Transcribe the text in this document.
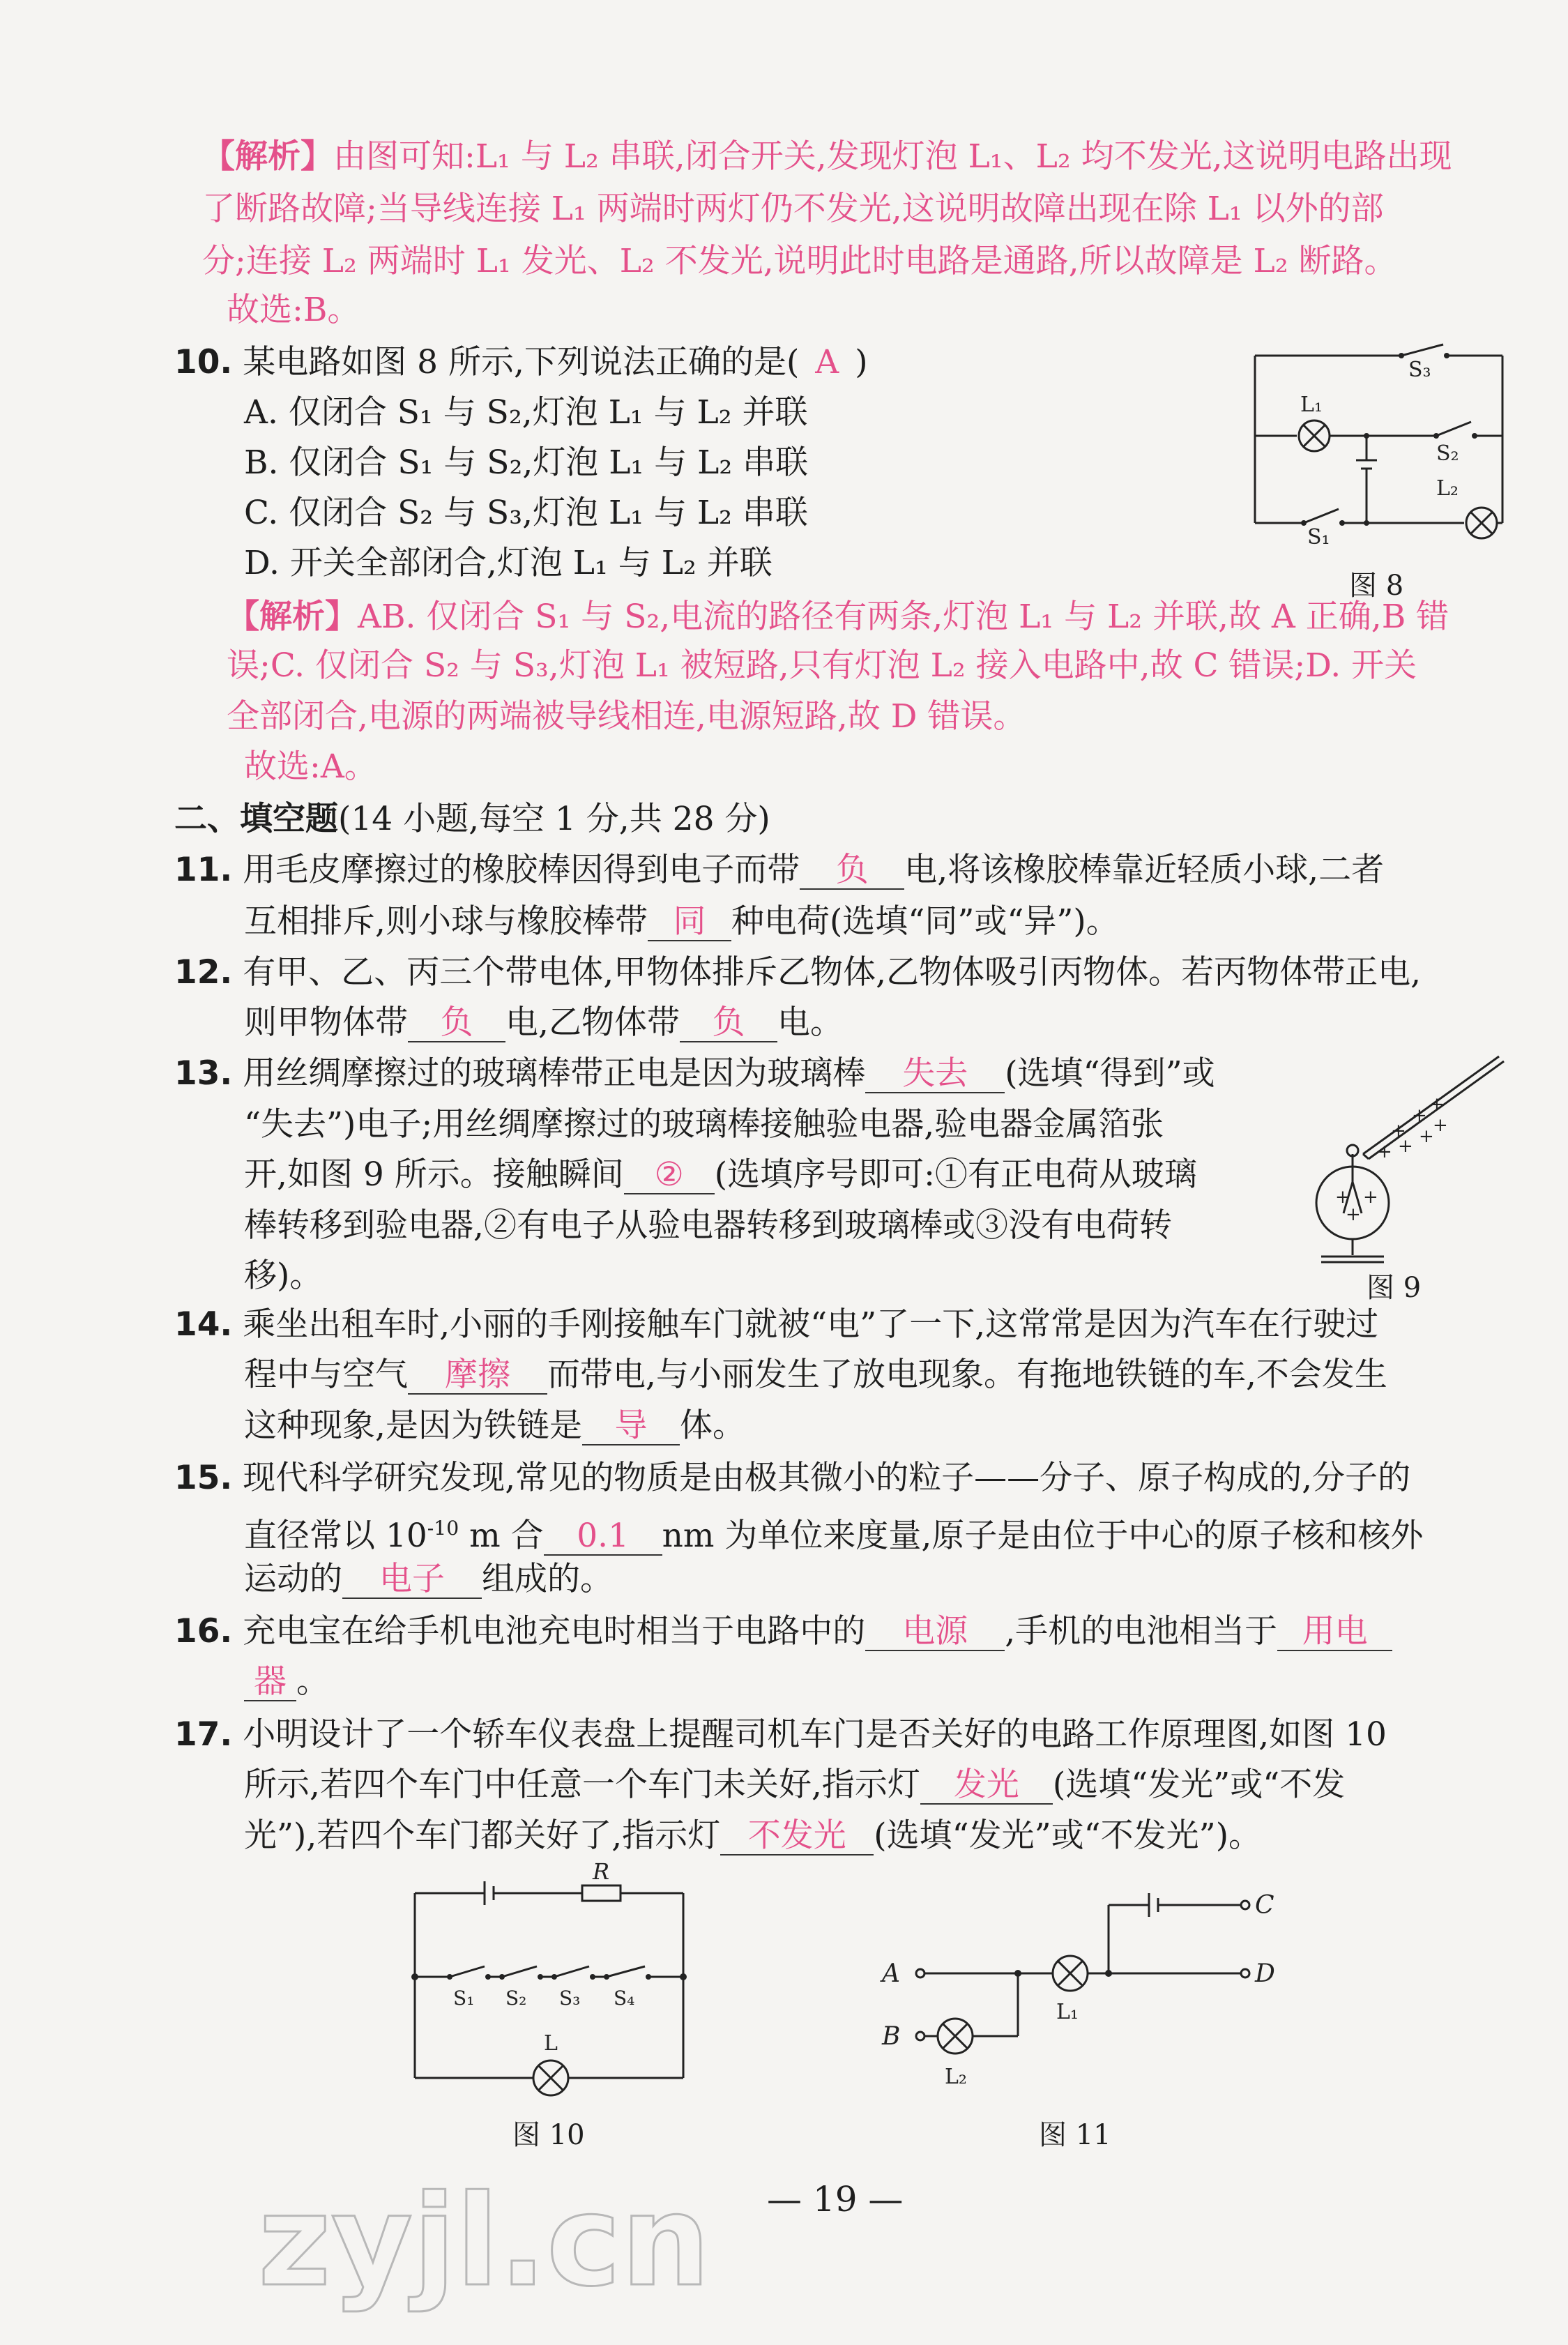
【解析】由图可知:L₁ 与 L₂ 串联,闭合开关,发现灯泡 L₁、L₂ 均不发光,这说明电路出现
了断路故障;当导线连接 L₁ 两端时两灯仍不发光,这说明故障出现在除 L₁ 以外的部
分;连接 L₂ 两端时 L₁ 发光、L₂ 不发光,说明此时电路是通路,所以故障是 L₂ 断路。
故选:B。
10. 某电路如图 8 所示,下列说法正确的是( A )
A. 仅闭合 S₁ 与 S₂,灯泡 L₁ 与 L₂ 并联
B. 仅闭合 S₁ 与 S₂,灯泡 L₁ 与 L₂ 串联
C. 仅闭合 S₂ 与 S₃,灯泡 L₁ 与 L₂ 串联
D. 开关全部闭合,灯泡 L₁ 与 L₂ 并联
【解析】AB. 仅闭合 S₁ 与 S₂,电流的路径有两条,灯泡 L₁ 与 L₂ 并联,故 A 正确,B 错
误;C. 仅闭合 S₂ 与 S₃,灯泡 L₁ 被短路,只有灯泡 L₂ 接入电路中,故 C 错误;D. 开关
全部闭合,电源的两端被导线相连,电源短路,故 D 错误。
故选:A。
S₃
L₁
S₂
L₂
S₁
图 8
二、填空题(14 小题,每空 1 分,共 28 分)
11. 用毛皮摩擦过的橡胶棒因得到电子而带 负 电,将该橡胶棒靠近轻质小球,二者
互相排斥,则小球与橡胶棒带 同 种电荷(选填“同”或“异”)。
12. 有甲、乙、丙三个带电体,甲物体排斥乙物体,乙物体吸引丙物体。若丙物体带正电,
则甲物体带 负 电,乙物体带 负 电。
13. 用丝绸摩擦过的玻璃棒带正电是因为玻璃棒 失去 (选填“得到”或
“失去”)电子;用丝绸摩擦过的玻璃棒接触验电器,验电器金属箔张
开,如图 9 所示。接触瞬间 ② (选填序号即可:①有正电荷从玻璃
棒转移到验电器,②有电子从验电器转移到玻璃棒或③没有电荷转
移)。
+
+
+
+ + +
+
+ +
+
图 9
14. 乘坐出租车时,小丽的手刚接触车门就被“电”了一下,这常常是因为汽车在行驶过
程中与空气 摩擦 而带电,与小丽发生了放电现象。有拖地铁链的车,不会发生
这种现象,是因为铁链是 导 体。
15. 现代科学研究发现,常见的物质是由极其微小的粒子——分子、原子构成的,分子的
直径常以 $10^{-10}$ m 合 0.1 nm 为单位来度量,原子是由位于中心的原子核和核外
运动的 电子 组成的。
16. 充电宝在给手机电池充电时相当于电路中的 电源 ,手机的电池相当于 用电
器 。
17. 小明设计了一个轿车仪表盘上提醒司机车门是否关好的电路工作原理图,如图 10
所示,若四个车门中任意一个车门未关好,指示灯 发光 (选填“发光”或“不发
光”),若四个车门都关好了,指示灯 不发光 (选填“发光”或“不发光”)。
R
S₁ S₂ S₃ S₄
L
图 10
A
B
C
D
L₁
L₂
图 11
— 19 —
zyjl.cn
